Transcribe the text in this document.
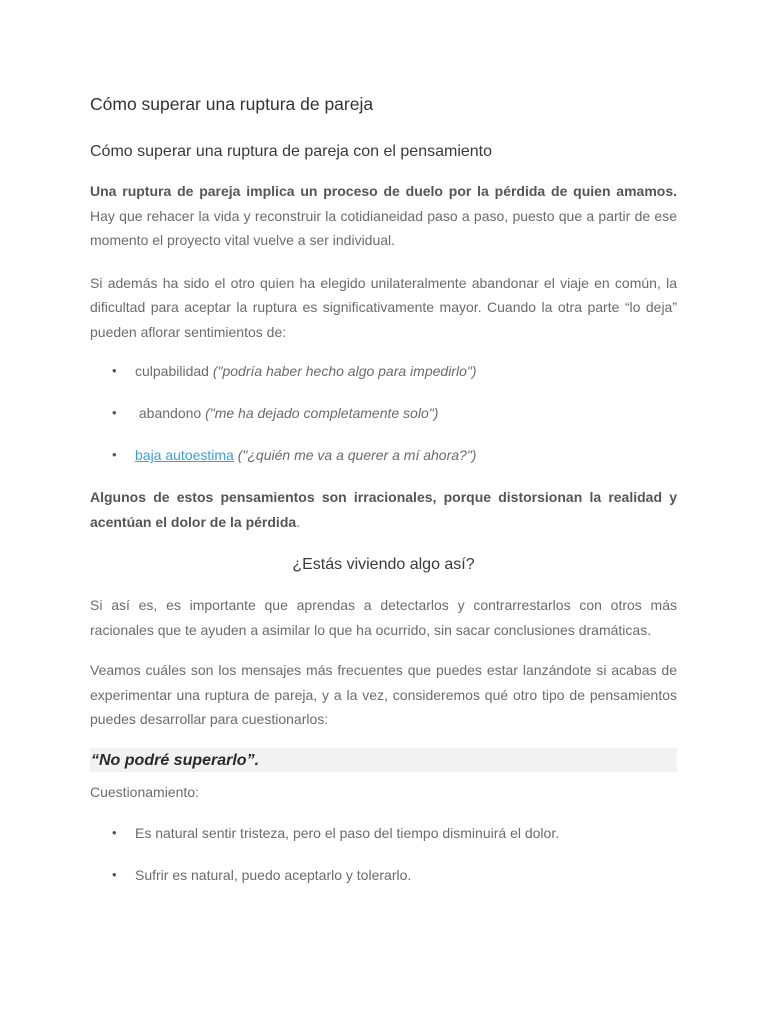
Cómo superar una ruptura de pareja
Cómo superar una ruptura de pareja con el pensamiento

Una ruptura de pareja implica un proceso de duelo por la pérdida de quien amamos. Hay que rehacer la vida y reconstruir la cotidianeidad paso a paso, puesto que a partir de ese momento el proyecto vital vuelve a ser individual.

Si además ha sido el otro quien ha elegido unilateralmente abandonar el viaje en común, la dificultad para aceptar la ruptura es significativamente mayor. Cuando la otra parte “lo deja” pueden aflorar sentimientos de:

• culpabilidad ("podría haber hecho algo para impedirlo")
• abandono ("me ha dejado completamente solo")
• baja autoestima ("¿quién me va a querer a mí ahora?")

Algunos de estos pensamientos son irracionales, porque distorsionan la realidad y acentúan el dolor de la pérdida.

¿Estás viviendo algo así?

Si así es, es importante que aprendas a detectarlos y contrarrestarlos con otros más racionales que te ayuden a asimilar lo que ha ocurrido, sin sacar conclusiones dramáticas.

Veamos cuáles son los mensajes más frecuentes que puedes estar lanzándote si acabas de experimentar una ruptura de pareja, y a la vez, consideremos qué otro tipo de pensamientos puedes desarrollar para cuestionarlos:

“No podré superarlo”.
Cuestionamiento:
• Es natural sentir tristeza, pero el paso del tiempo disminuirá el dolor.
• Sufrir es natural, puedo aceptarlo y tolerarlo.
